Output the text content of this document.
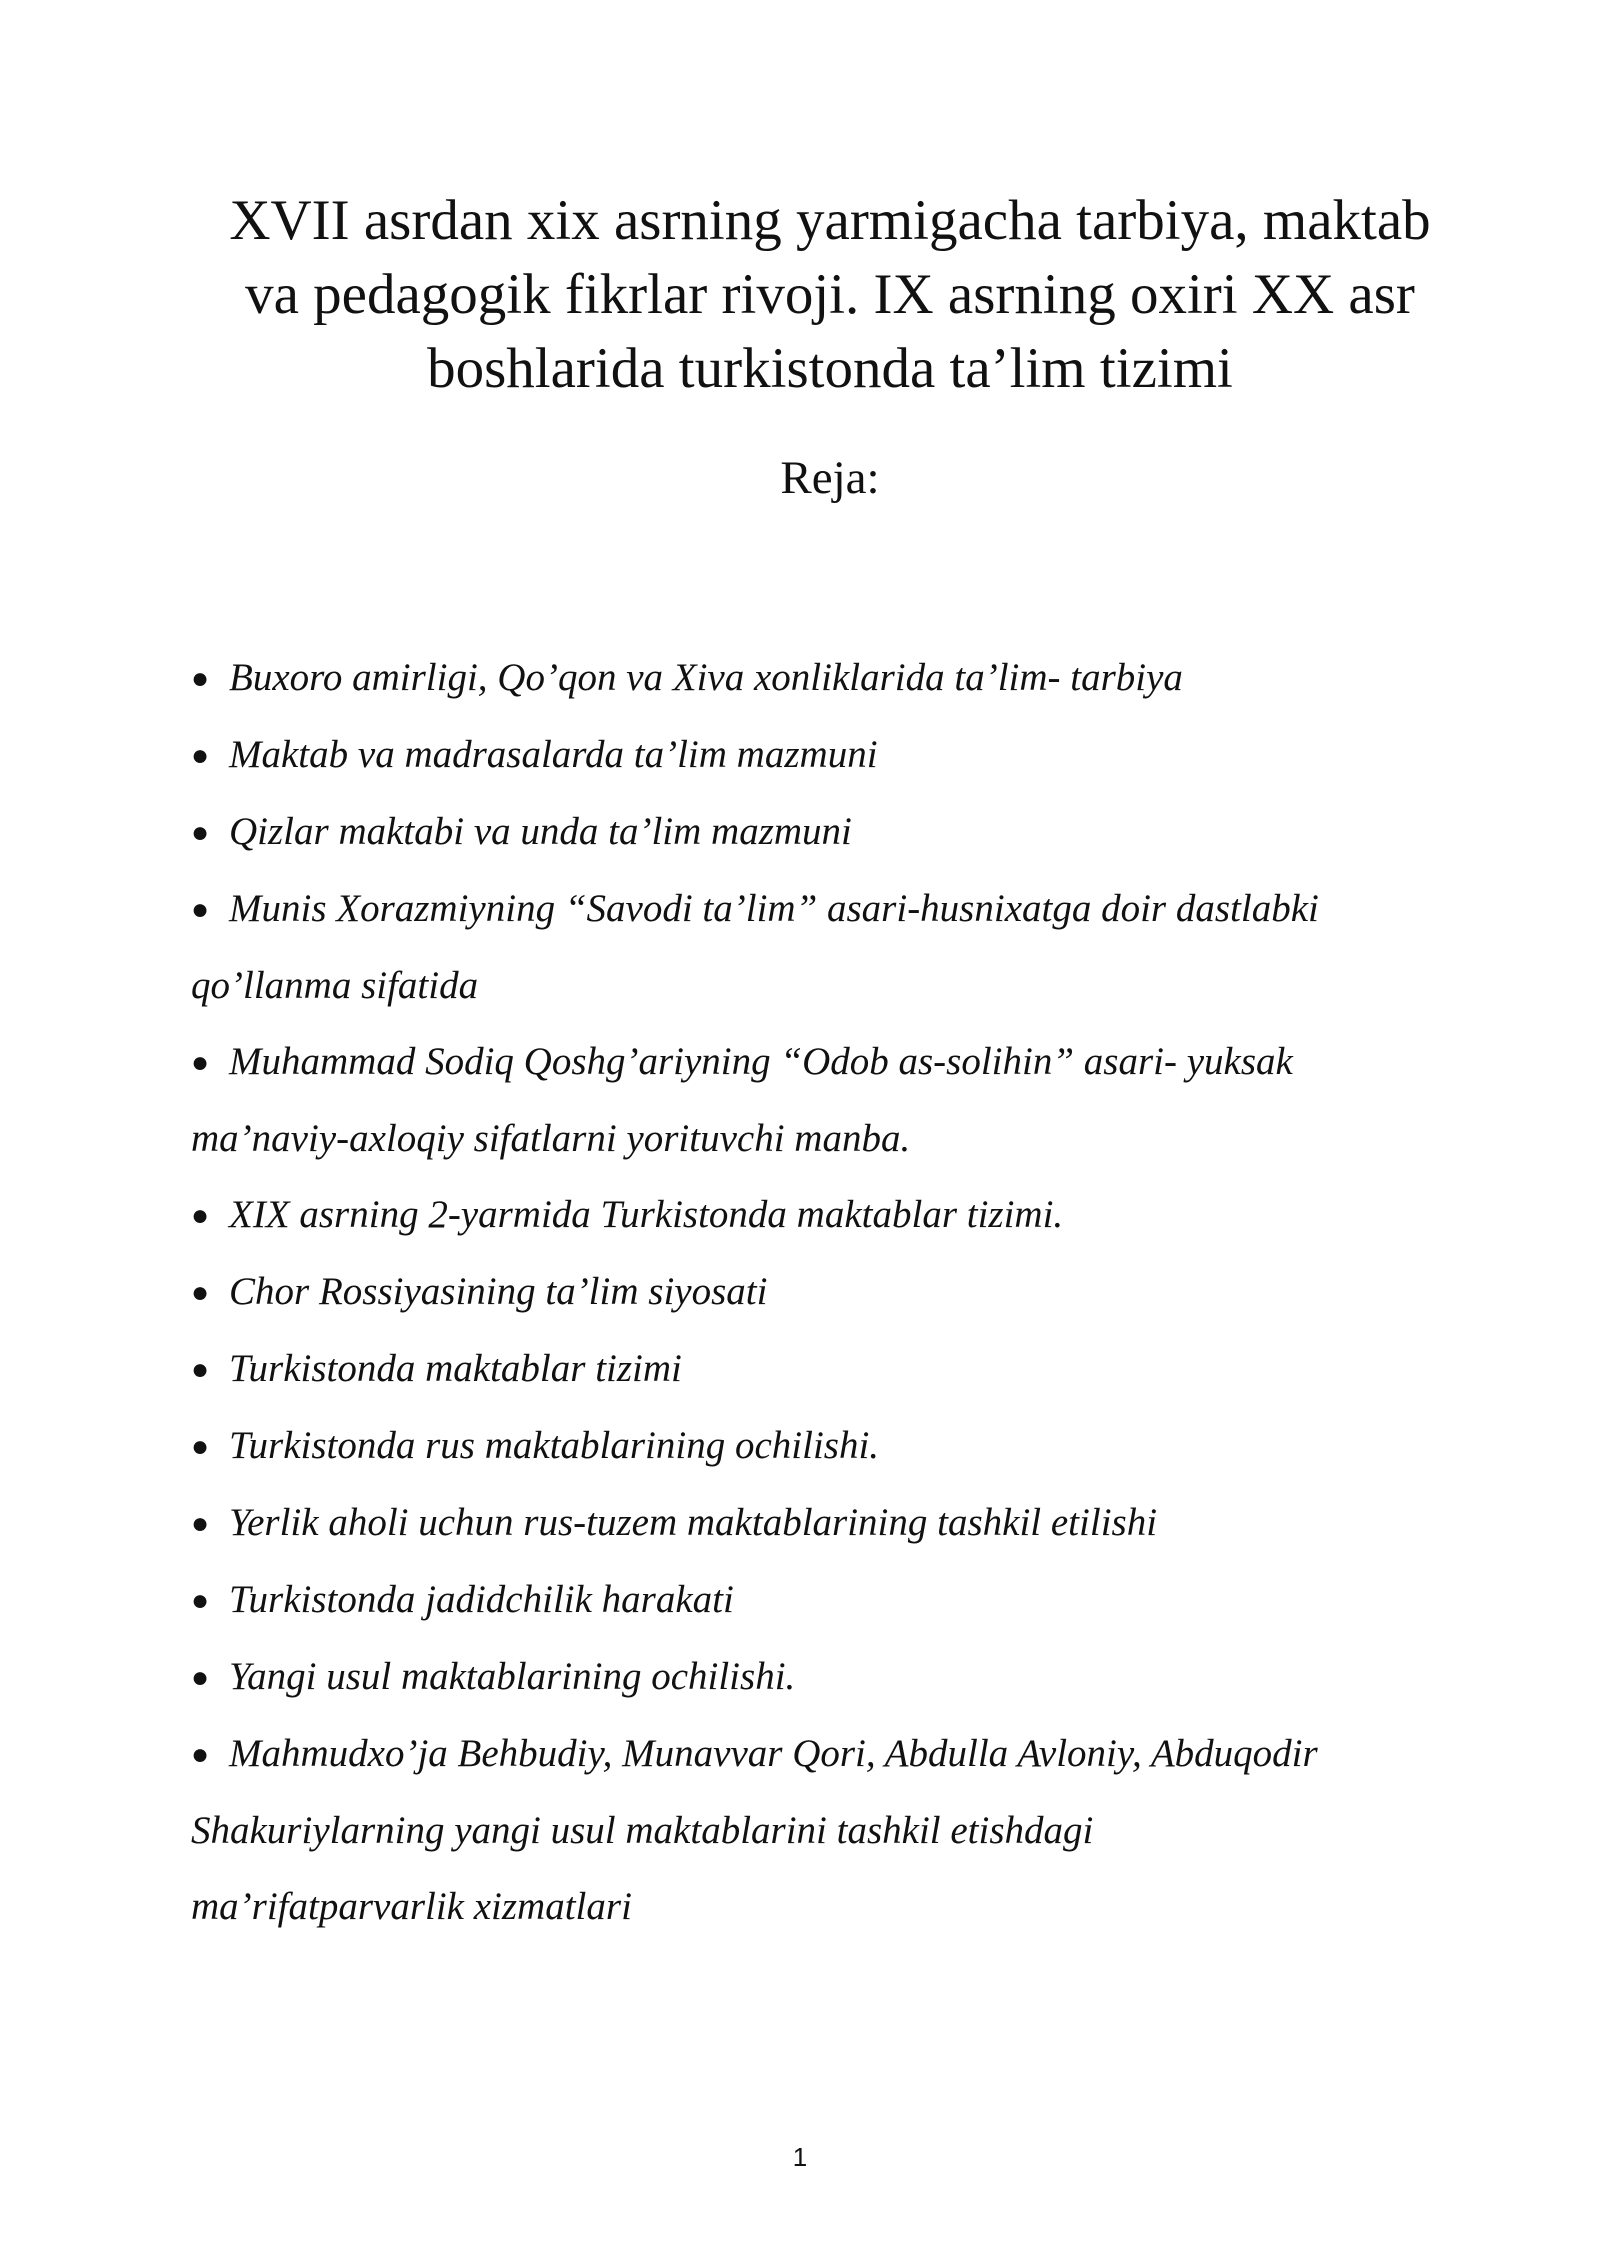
XVII asrdan xix asrning yarmigacha tarbiya, maktab
va pedagogik fikrlar rivoji. IX asrning oxiri XX asr
boshlarida turkistonda ta’lim tizimi
Reja:
● Buxoro amirligi, Qo’qon va Xiva xonliklarida ta’lim- tarbiya
● Maktab va madrasalarda ta’lim mazmuni
● Qizlar maktabi va unda ta’lim mazmuni
● Munis Xorazmiyning “Savodi ta’lim” asari-husnixatga doir dastlabki
qo’llanma sifatida
● Muhammad Sodiq Qoshg’ariyning “Odob as-solihin” asari- yuksak
ma’naviy-axloqiy sifatlarni yorituvchi manba.
● XIX asrning 2-yarmida Turkistonda maktablar tizimi.
● Chor Rossiyasining ta’lim siyosati
● Turkistonda maktablar tizimi
● Turkistonda rus maktablarining ochilishi.
● Yerlik aholi uchun rus-tuzem maktablarining tashkil etilishi
● Turkistonda jadidchilik harakati
● Yangi usul maktablarining ochilishi.
● Mahmudxo’ja Behbudiy, Munavvar Qori, Abdulla Avloniy, Abduqodir
Shakuriylarning yangi usul maktablarini tashkil etishdagi
ma’rifatparvarlik xizmatlari
1
